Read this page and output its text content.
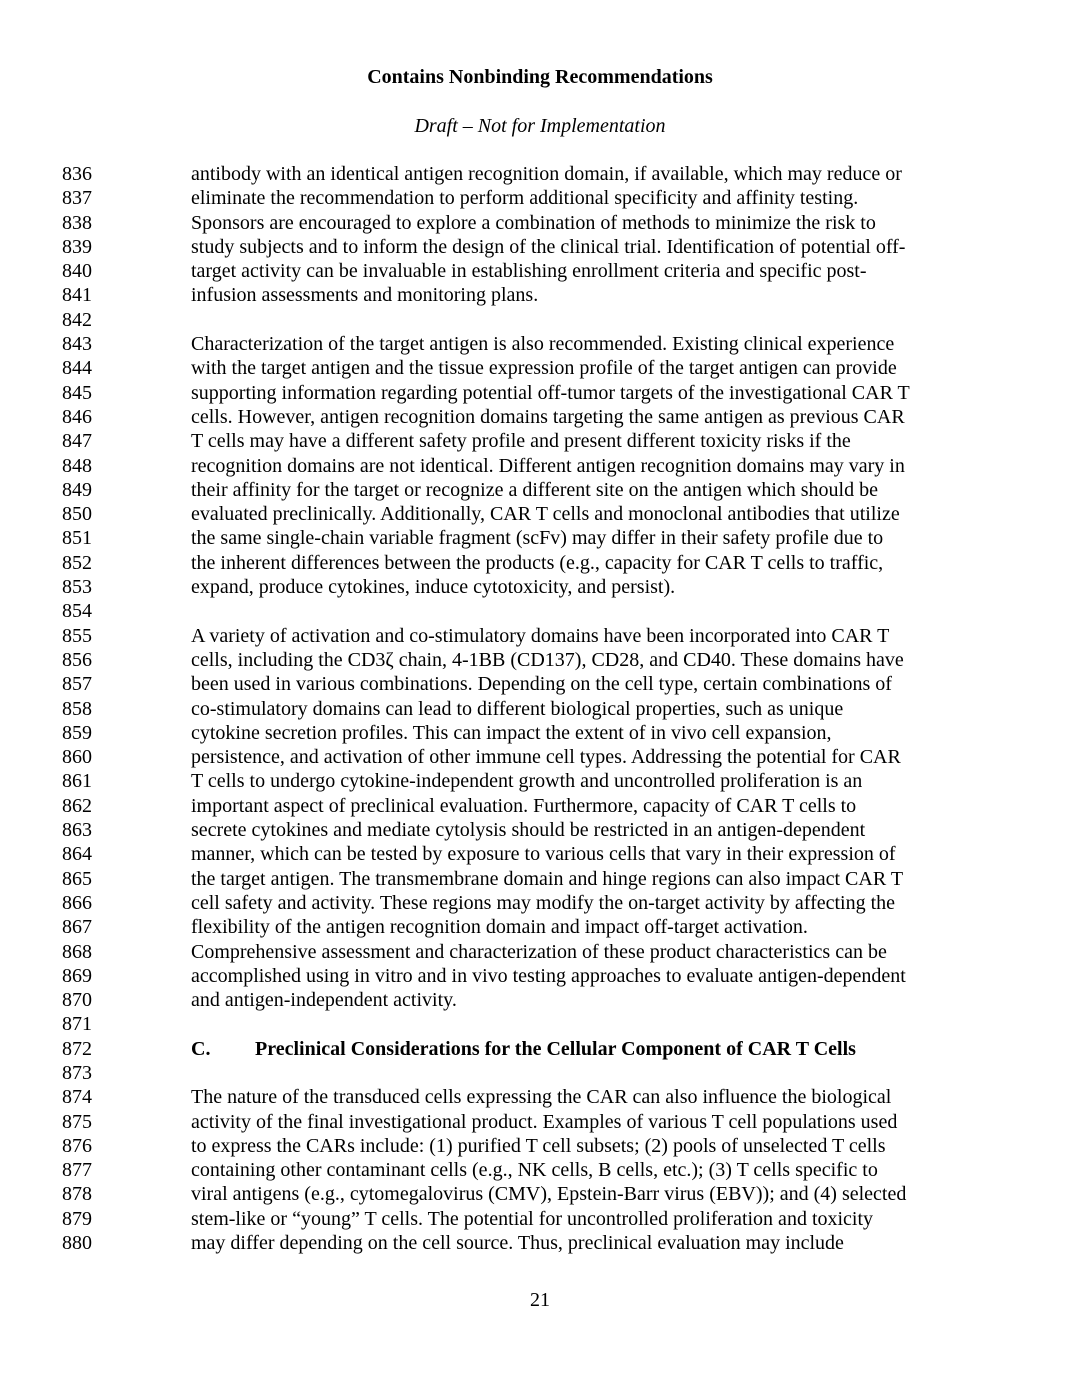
Contains Nonbinding Recommendations
Draft – Not for Implementation
836	antibody with an identical antigen recognition domain, if available, which may reduce or
837	eliminate the recommendation to perform additional specificity and affinity testing.
838	Sponsors are encouraged to explore a combination of methods to minimize the risk to
839	study subjects and to inform the design of the clinical trial. Identification of potential off-
840	target activity can be invaluable in establishing enrollment criteria and specific post-
841	infusion assessments and monitoring plans.
842
843	Characterization of the target antigen is also recommended. Existing clinical experience
844	with the target antigen and the tissue expression profile of the target antigen can provide
845	supporting information regarding potential off-tumor targets of the investigational CAR T
846	cells. However, antigen recognition domains targeting the same antigen as previous CAR
847	T cells may have a different safety profile and present different toxicity risks if the
848	recognition domains are not identical. Different antigen recognition domains may vary in
849	their affinity for the target or recognize a different site on the antigen which should be
850	evaluated preclinically. Additionally, CAR T cells and monoclonal antibodies that utilize
851	the same single-chain variable fragment (scFv) may differ in their safety profile due to
852	the inherent differences between the products (e.g., capacity for CAR T cells to traffic,
853	expand, produce cytokines, induce cytotoxicity, and persist).
854
855	A variety of activation and co-stimulatory domains have been incorporated into CAR T
856	cells, including the CD3ζ chain, 4-1BB (CD137), CD28, and CD40. These domains have
857	been used in various combinations. Depending on the cell type, certain combinations of
858	co-stimulatory domains can lead to different biological properties, such as unique
859	cytokine secretion profiles. This can impact the extent of in vivo cell expansion,
860	persistence, and activation of other immune cell types. Addressing the potential for CAR
861	T cells to undergo cytokine-independent growth and uncontrolled proliferation is an
862	important aspect of preclinical evaluation. Furthermore, capacity of CAR T cells to
863	secrete cytokines and mediate cytolysis should be restricted in an antigen-dependent
864	manner, which can be tested by exposure to various cells that vary in their expression of
865	the target antigen. The transmembrane domain and hinge regions can also impact CAR T
866	cell safety and activity. These regions may modify the on-target activity by affecting the
867	flexibility of the antigen recognition domain and impact off-target activation.
868	Comprehensive assessment and characterization of these product characteristics can be
869	accomplished using in vitro and in vivo testing approaches to evaluate antigen-dependent
870	and antigen-independent activity.
871
872	C. Preclinical Considerations for the Cellular Component of CAR T Cells
873
874	The nature of the transduced cells expressing the CAR can also influence the biological
875	activity of the final investigational product. Examples of various T cell populations used
876	to express the CARs include: (1) purified T cell subsets; (2) pools of unselected T cells
877	containing other contaminant cells (e.g., NK cells, B cells, etc.); (3) T cells specific to
878	viral antigens (e.g., cytomegalovirus (CMV), Epstein-Barr virus (EBV)); and (4) selected
879	stem-like or “young” T cells. The potential for uncontrolled proliferation and toxicity
880	may differ depending on the cell source. Thus, preclinical evaluation may include
21
